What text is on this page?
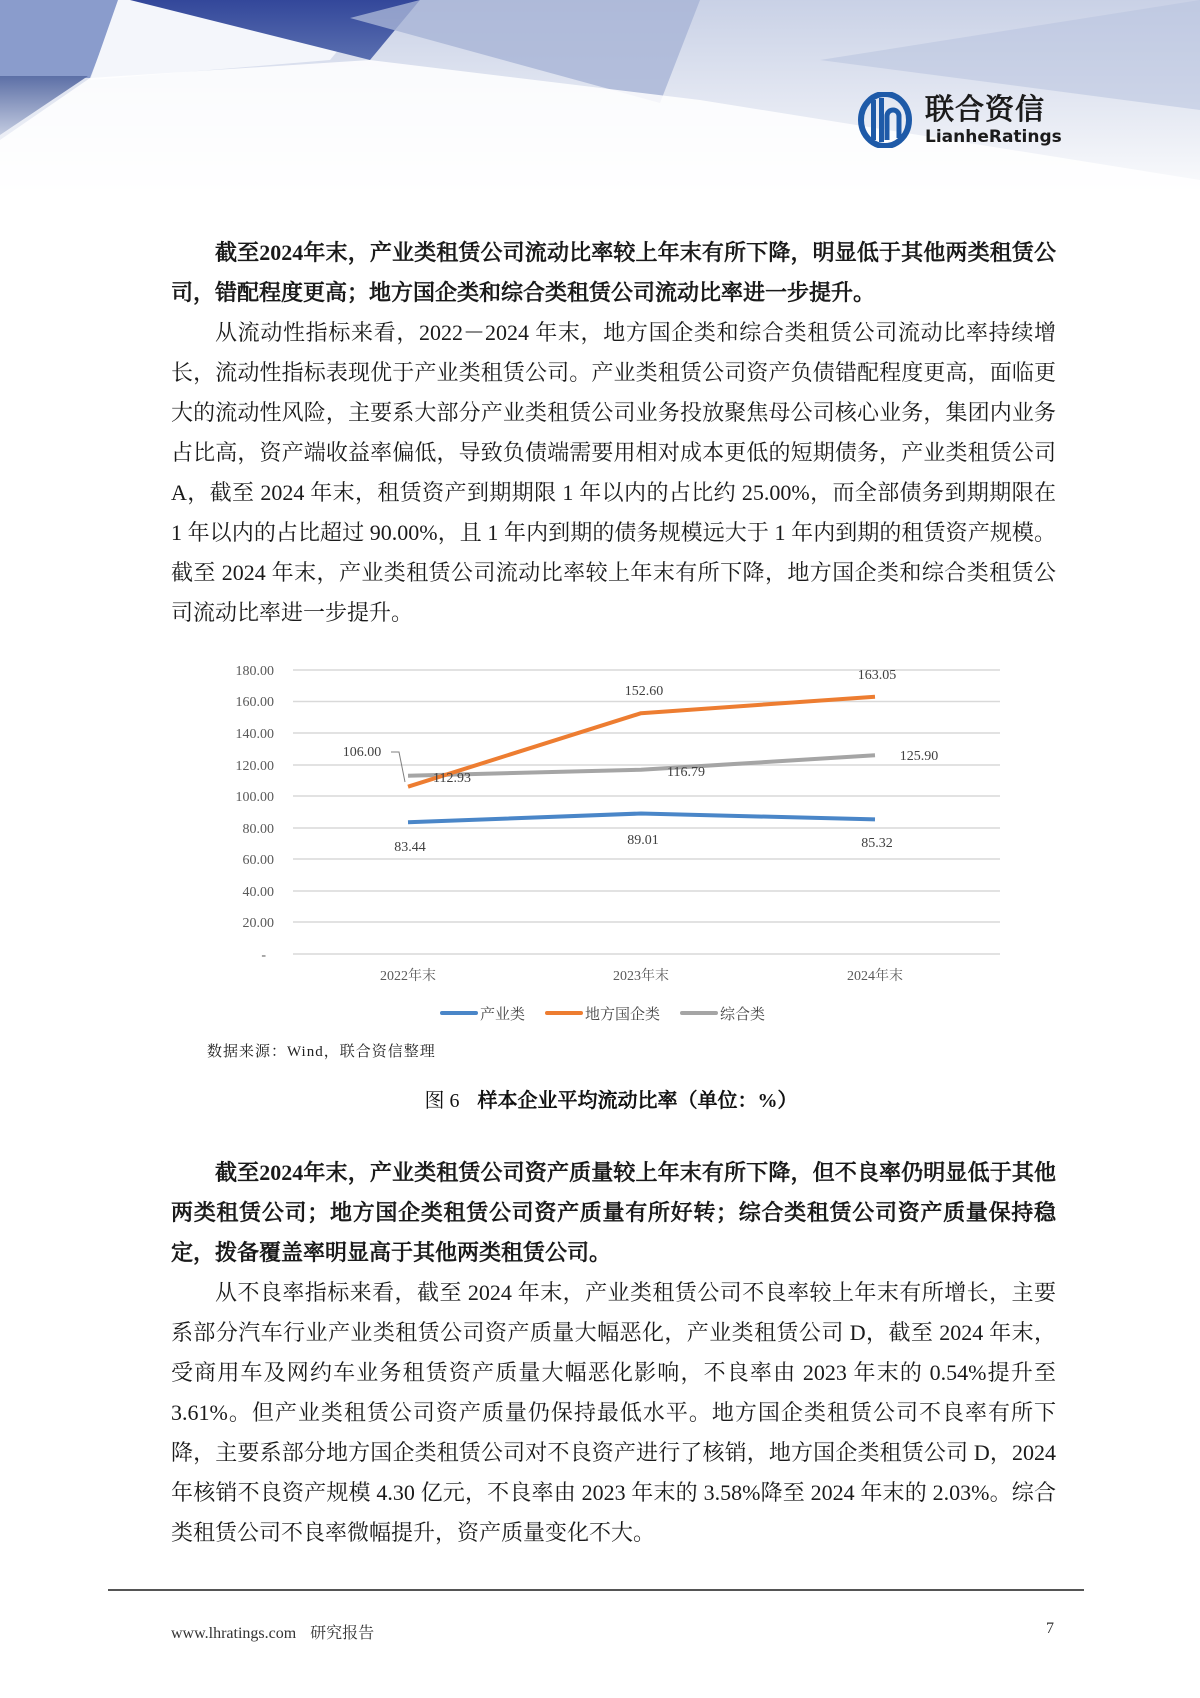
联合资信
LianheRatings

截至2024年末，产业类租赁公司流动比率较上年末有所下降，明显低于其他两类租赁公司，错配程度更高；地方国企类和综合类租赁公司流动比率进一步提升。

从流动性指标来看，2022－2024 年末，地方国企类和综合类租赁公司流动比率持续增长，流动性指标表现优于产业类租赁公司。产业类租赁公司资产负债错配程度更高，面临更大的流动性风险，主要系大部分产业类租赁公司业务投放聚焦母公司核心业务，集团内业务占比高，资产端收益率偏低，导致负债端需要用相对成本更低的短期债务，产业类租赁公司 A，截至 2024 年末，租赁资产到期期限 1 年以内的占比约 25.00%，而全部债务到期期限在 1 年以内的占比超过 90.00%，且 1 年内到期的债务规模远大于 1 年内到期的租赁资产规模。截至 2024 年末，产业类租赁公司流动比率较上年末有所下降，地方国企类和综合类租赁公司流动比率进一步提升。

180.00
160.00
140.00
120.00
100.00
80.00
60.00
40.00
20.00
-
2022年末	2023年末	2024年末
83.44	89.01	85.32
106.00
152.60
163.05
112.93	116.79
125.90
产业类	地方国企类	综合类
数据来源：Wind，联合资信整理
图 6 样本企业平均流动比率（单位：%）

截至2024年末，产业类租赁公司资产质量较上年末有所下降，但不良率仍明显低于其他两类租赁公司；地方国企类租赁公司资产质量有所好转；综合类租赁公司资产质量保持稳定，拨备覆盖率明显高于其他两类租赁公司。

从不良率指标来看，截至 2024 年末，产业类租赁公司不良率较上年末有所增长，主要系部分汽车行业产业类租赁公司资产质量大幅恶化，产业类租赁公司 D，截至 2024 年末，受商用车及网约车业务租赁资产质量大幅恶化影响，不良率由 2023 年末的 0.54%提升至 3.61%。但产业类租赁公司资产质量仍保持最低水平。地方国企类租赁公司不良率有所下降，主要系部分地方国企类租赁公司对不良资产进行了核销，地方国企类租赁公司 D，2024 年核销不良资产规模 4.30 亿元，不良率由 2023 年末的 3.58%降至 2024 年末的 2.03%。综合类租赁公司不良率微幅提升，资产质量变化不大。

www.lhratings.com 研究报告	7
